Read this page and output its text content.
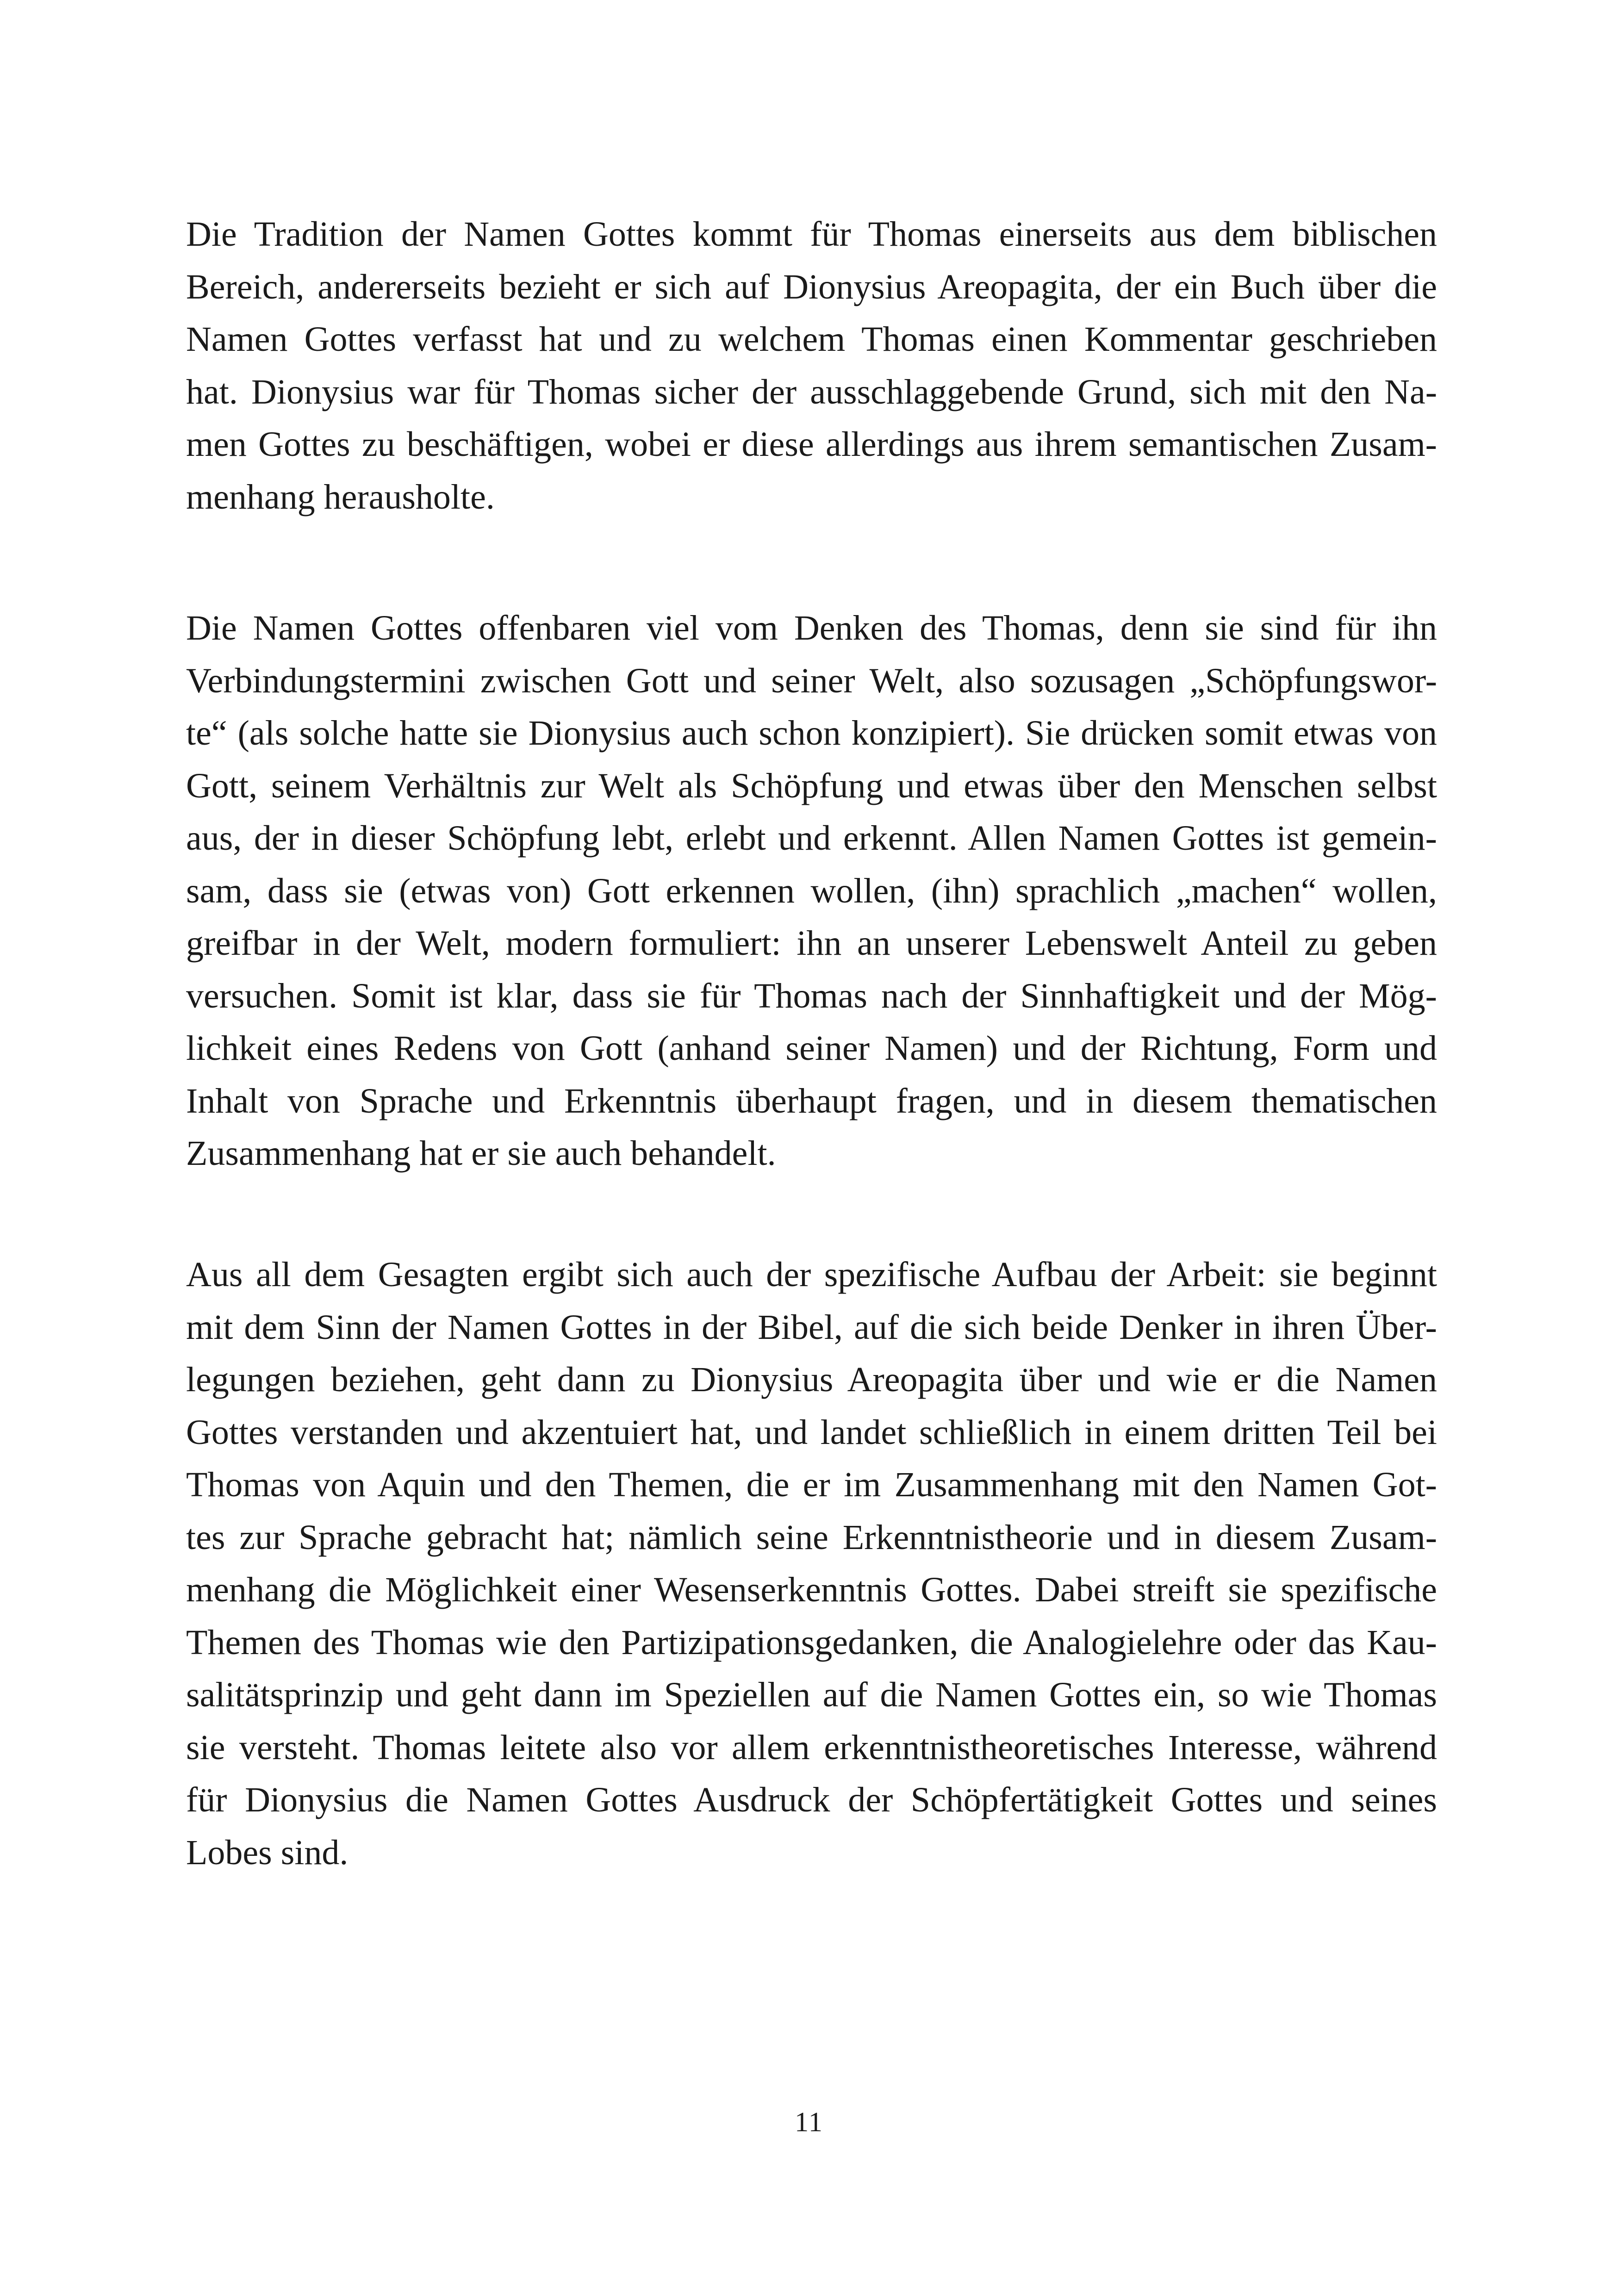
Die Tradition der Namen Gottes kommt für Thomas einerseits aus dem biblischen
Bereich, andererseits bezieht er sich auf Dionysius Areopagita, der ein Buch über die
Namen Gottes verfasst hat und zu welchem Thomas einen Kommentar geschrieben
hat. Dionysius war für Thomas sicher der ausschlaggebende Grund, sich mit den Na-
men Gottes zu beschäftigen, wobei er diese allerdings aus ihrem semantischen Zusam-
menhang herausholte.

Die Namen Gottes offenbaren viel vom Denken des Thomas, denn sie sind für ihn
Verbindungstermini zwischen Gott und seiner Welt, also sozusagen „Schöpfungswor-
te“ (als solche hatte sie Dionysius auch schon konzipiert). Sie drücken somit etwas von
Gott, seinem Verhältnis zur Welt als Schöpfung und etwas über den Menschen selbst
aus, der in dieser Schöpfung lebt, erlebt und erkennt. Allen Namen Gottes ist gemein-
sam, dass sie (etwas von) Gott erkennen wollen, (ihn) sprachlich „machen“ wollen,
greifbar in der Welt, modern formuliert: ihn an unserer Lebenswelt Anteil zu geben
versuchen. Somit ist klar, dass sie für Thomas nach der Sinnhaftigkeit und der Mög-
lichkeit eines Redens von Gott (anhand seiner Namen) und der Richtung, Form und
Inhalt von Sprache und Erkenntnis überhaupt fragen, und in diesem thematischen
Zusammenhang hat er sie auch behandelt.

Aus all dem Gesagten ergibt sich auch der spezifische Aufbau der Arbeit: sie beginnt
mit dem Sinn der Namen Gottes in der Bibel, auf die sich beide Denker in ihren Über-
legungen beziehen, geht dann zu Dionysius Areopagita über und wie er die Namen
Gottes verstanden und akzentuiert hat, und landet schließlich in einem dritten Teil bei
Thomas von Aquin und den Themen, die er im Zusammenhang mit den Namen Got-
tes zur Sprache gebracht hat; nämlich seine Erkenntnistheorie und in diesem Zusam-
menhang die Möglichkeit einer Wesenserkenntnis Gottes. Dabei streift sie spezifische
Themen des Thomas wie den Partizipationsgedanken, die Analogielehre oder das Kau-
salitätsprinzip und geht dann im Speziellen auf die Namen Gottes ein, so wie Thomas
sie versteht. Thomas leitete also vor allem erkenntnistheoretisches Interesse, während
für Dionysius die Namen Gottes Ausdruck der Schöpfertätigkeit Gottes und seines
Lobes sind.

11
